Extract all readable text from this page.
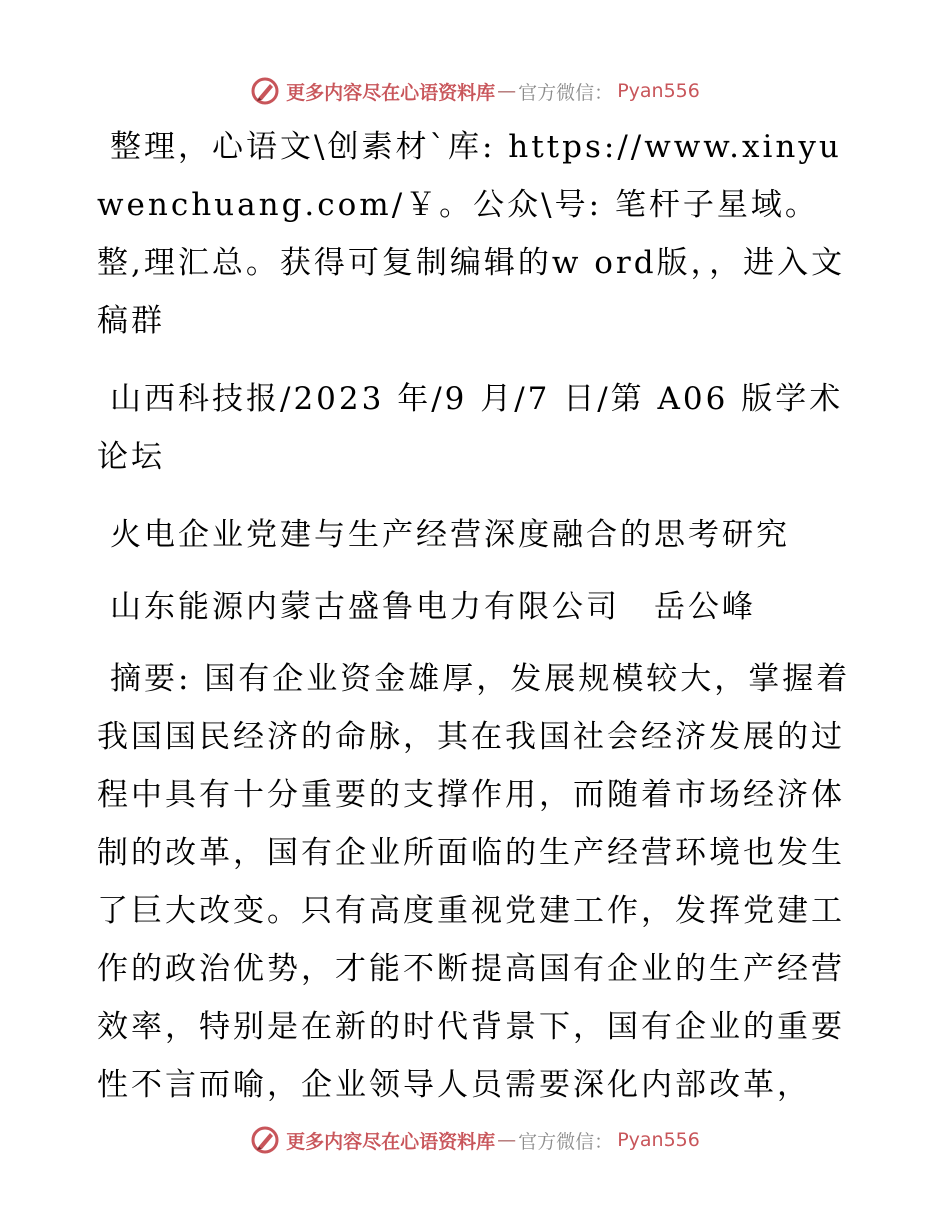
更多内容尽在心语资料库 — 官方微信： Pyan556

整理，心语文\创素材`库: https://www.xinyuwenchuang.com/￥。公众\号: 笔杆子星域。整,理汇总。获得可复制编辑的w ord版，，进入文稿群

山西科技报/2023 年/9 月/7 日/第 A06 版学术论坛

火电企业党建与生产经营深度融合的思考研究

山东能源内蒙古盛鲁电力有限公司　岳公峰

摘要: 国有企业资金雄厚，发展规模较大，掌握着我国国民经济的命脉，其在我国社会经济发展的过程中具有十分重要的支撑作用，而随着市场经济体制的改革，国有企业所面临的生产经营环境也发生了巨大改变。只有高度重视党建工作，发挥党建工作的政治优势，才能不断提高国有企业的生产经营效率，特别是在新的时代背景下，国有企业的重要性不言而喻，企业领导人员需要深化内部改革，

更多内容尽在心语资料库 — 官方微信： Pyan556
